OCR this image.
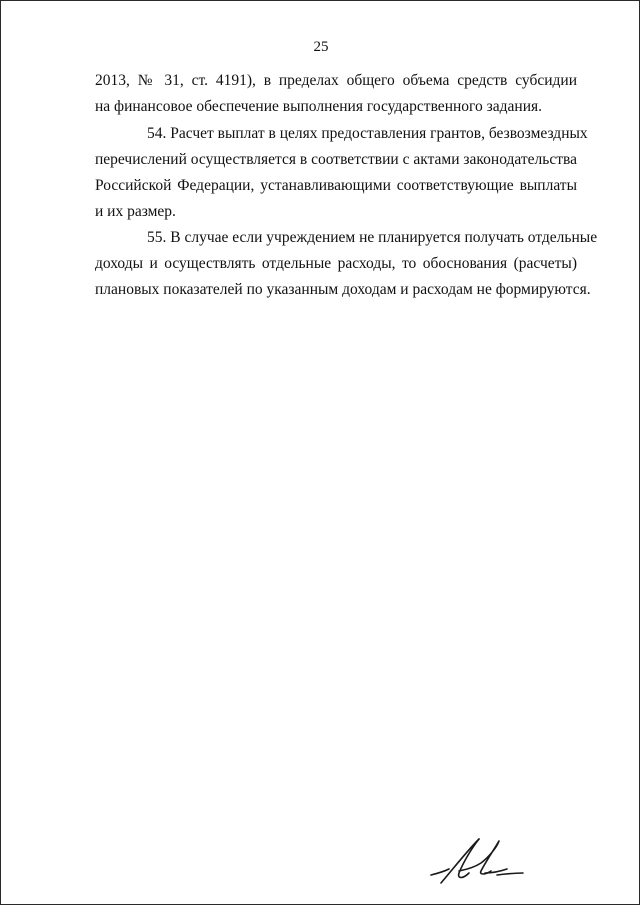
25
2013, № 31, ст. 4191), в пределах общего объема средств субсидии
на финансовое обеспечение выполнения государственного задания.
54. Расчет выплат в целях предоставления грантов, безвозмездных
перечислений осуществляется в соответствии с актами законодательства
Российской Федерации, устанавливающими соответствующие выплаты
и их размер.
55. В случае если учреждением не планируется получать отдельные
доходы и осуществлять отдельные расходы, то обоснования (расчеты)
плановых показателей по указанным доходам и расходам не формируются.
